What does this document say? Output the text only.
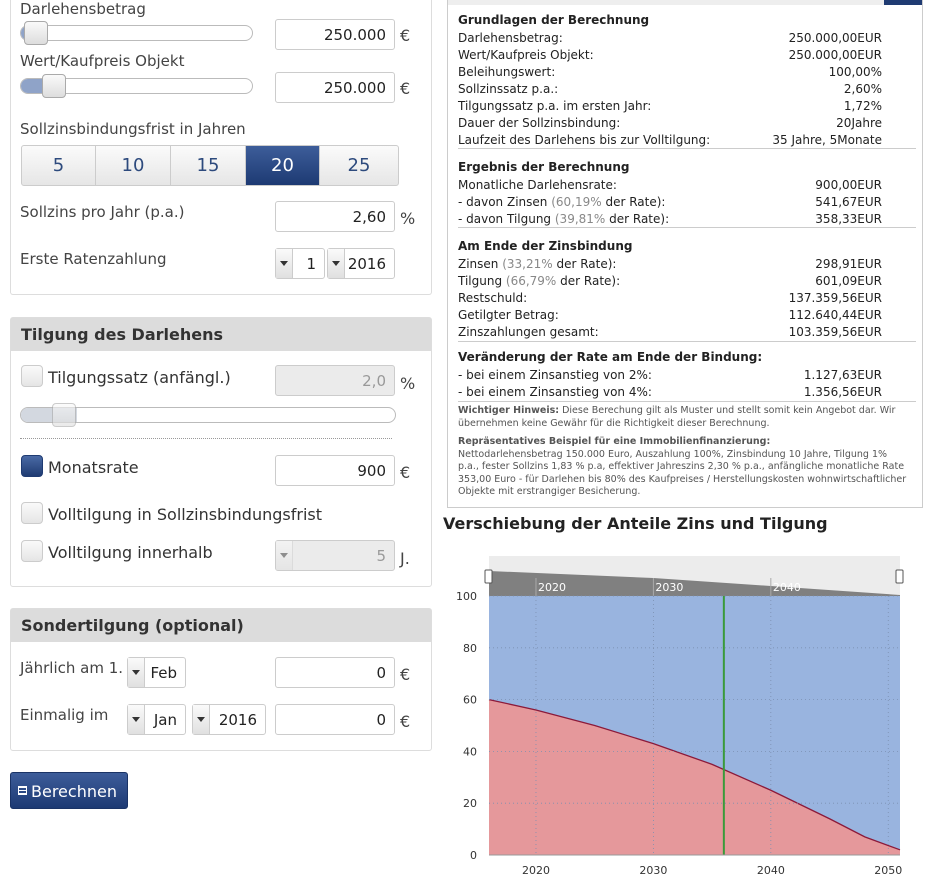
Darlehensbetrag
250.000 €
Wert/Kaufpreis Objekt
250.000 €
Sollzinsbindungsfrist in Jahren
5	10	15	20	25
Sollzins pro Jahr (p.a.)	2,60 %
Erste Ratenzahlung	1 2016
Tilgung des Darlehens
Tilgungssatz (anfängl.)	2,0 %
Monatsrate	900 €
Volltilgung in Sollzinsbindungsfrist
Volltilgung innerhalb	5 J.
Sondertilgung (optional)
Jährlich am 1. Feb	0 €
Einmalig im	Jan	2016	0 €
Berechnen
Grundlagen der Berechnung
Darlehensbetrag:	250.000,00EUR
Wert/Kaufpreis Objekt:	250.000,00EUR
Beleihungswert:	100,00%
Sollzinssatz p.a.:	2,60%
Tilgungssatz p.a. im ersten Jahr:	1,72%
Dauer der Sollzinsbindung:	20Jahre
Laufzeit des Darlehens bis zur Volltilgung:	35 Jahre, 5Monate
Ergebnis der Berechnung
Monatliche Darlehensrate:	900,00EUR
- davon Zinsen (60,19% der Rate):	541,67EUR
- davon Tilgung (39,81% der Rate):	358,33EUR
Am Ende der Zinsbindung
Zinsen (33,21% der Rate):	298,91EUR
Tilgung (66,79% der Rate):	601,09EUR
Restschuld:	137.359,56EUR
Getilgter Betrag:	112.640,44EUR
Zinszahlungen gesamt:	103.359,56EUR
Veränderung der Rate am Ende der Bindung:
- bei einem Zinsanstieg von 2%:	1.127,63EUR
- bei einem Zinsanstieg von 4%:	1.356,56EUR
Wichtiger Hinweis: Diese Berechung gilt als Muster und stellt somit kein Angebot dar. Wir übernehmen keine Gewähr für die Richtigkeit dieser Berechnung.
Repräsentatives Beispiel für eine Immobilienfinanzierung:
Nettodarlehensbetrag 150.000 Euro, Auszahlung 100%, Zinsbindung 10 Jahre, Tilgung 1% p.a., fester Sollzins 1,83 % p.a, effektiver Jahreszins 2,30 % p.a., anfängliche monatliche Rate 353,00 Euro - für Darlehen bis 80% des Kaufpreises / Herstellungskosten wohnwirtschaftlicher Objekte mit erstrangiger Besicherung.
Verschiebung der Anteile Zins und Tilgung
2020	2030	2040
0
20
40
60
80
100
2020	2030	2040	2050
